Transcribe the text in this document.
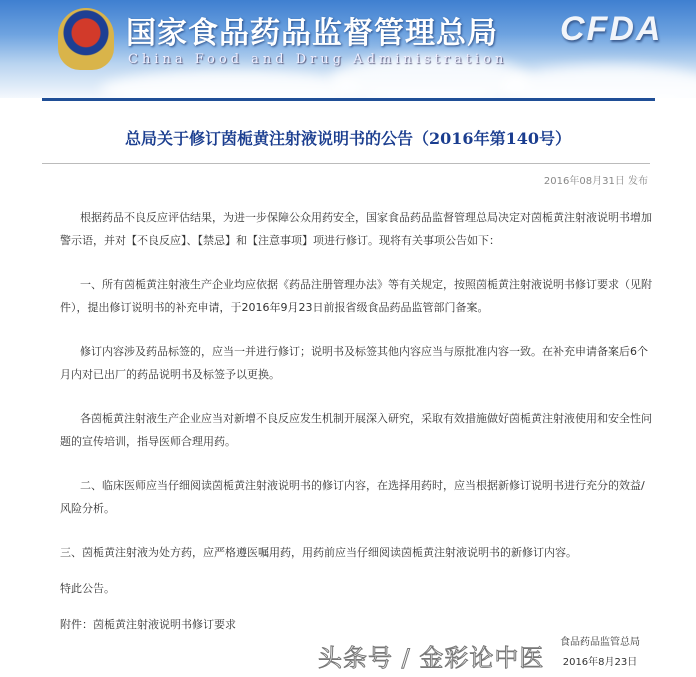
国家食品药品监督管理总局
China Food and Drug Administration
CFDA
总局关于修订茵栀黄注射液说明书的公告（2016年第140号）
2016年08月31日 发布

根据药品不良反应评估结果，为进一步保障公众用药安全，国家食品药品监督管理总局决定对茵栀黄注射液说明书增加警示语，并对【不良反应】、【禁忌】和【注意事项】项进行修订。现将有关事项公告如下：

一、所有茵栀黄注射液生产企业均应依据《药品注册管理办法》等有关规定，按照茵栀黄注射液说明书修订要求（见附件），提出修订说明书的补充申请，于2016年9月23日前报省级食品药品监管部门备案。

修订内容涉及药品标签的，应当一并进行修订；说明书及标签其他内容应当与原批准内容一致。在补充申请备案后6个月内对已出厂的药品说明书及标签予以更换。

各茵栀黄注射液生产企业应当对新增不良反应发生机制开展深入研究，采取有效措施做好茵栀黄注射液使用和安全性问题的宣传培训，指导医师合理用药。

二、临床医师应当仔细阅读茵栀黄注射液说明书的修订内容，在选择用药时，应当根据新修订说明书进行充分的效益/风险分析。

三、茵栀黄注射液为处方药，应严格遵医嘱用药，用药前应当仔细阅读茵栀黄注射液说明书的新修订内容。

特此公告。

附件：茵栀黄注射液说明书修订要求

头条号 / 金彩论中医
食品药品监管总局
2016年8月23日
